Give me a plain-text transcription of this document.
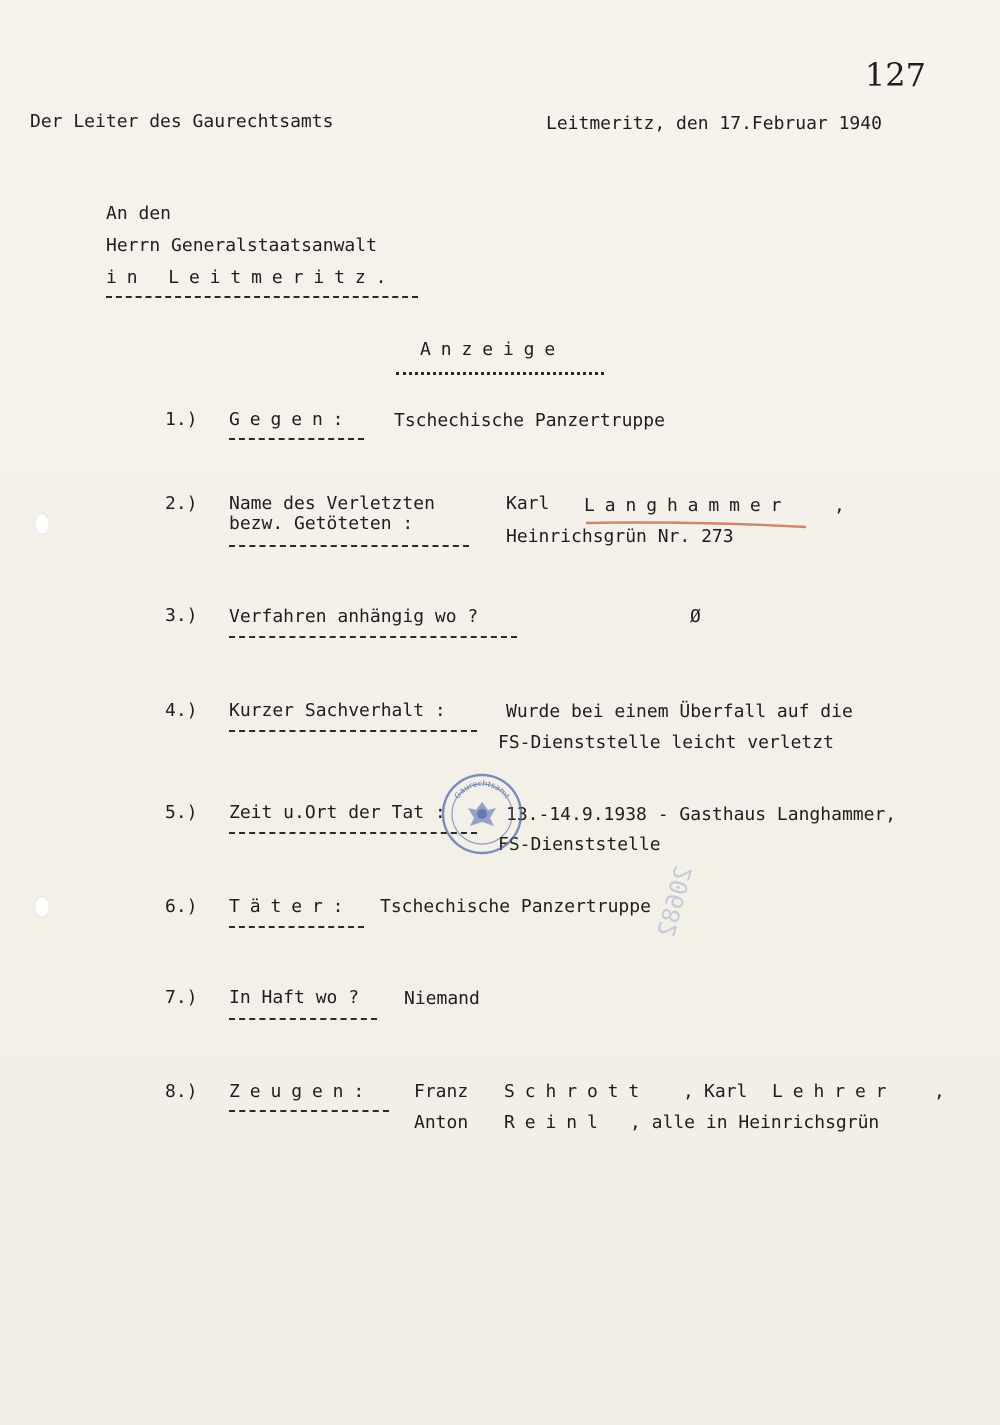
127
Der Leiter des Gaurechtsamts	Leitmeritz, den 17.Februar 1940
An den
Herrn Generalstaatsanwalt
in Leitmeritz.
Anzeige
1.) Gegen: Tschechische Panzertruppe
2.) Name des Verletzten
bezw. Getöteten :
Karl Langhammer ,
Heinrichsgrün Nr. 273
3.) Verfahren anhängig wo ?	Ø
4.) Kurzer Sachverhalt :	Wurde bei einem Überfall auf die
FS-Dienststelle leicht verletzt
5.) Zeit u.Ort der Tat :	13.-14.9.1938 - Gasthaus Langhammer,
FS-Dienststelle
6.) Täter: Tschechische Panzertruppe
7.) In Haft wo ? Niemand
8.) Zeugen: Franz Schrott , Karl Lehrer ,
Anton Reinl , alle in Heinrichsgrün
Gaurechtsamt
20682
